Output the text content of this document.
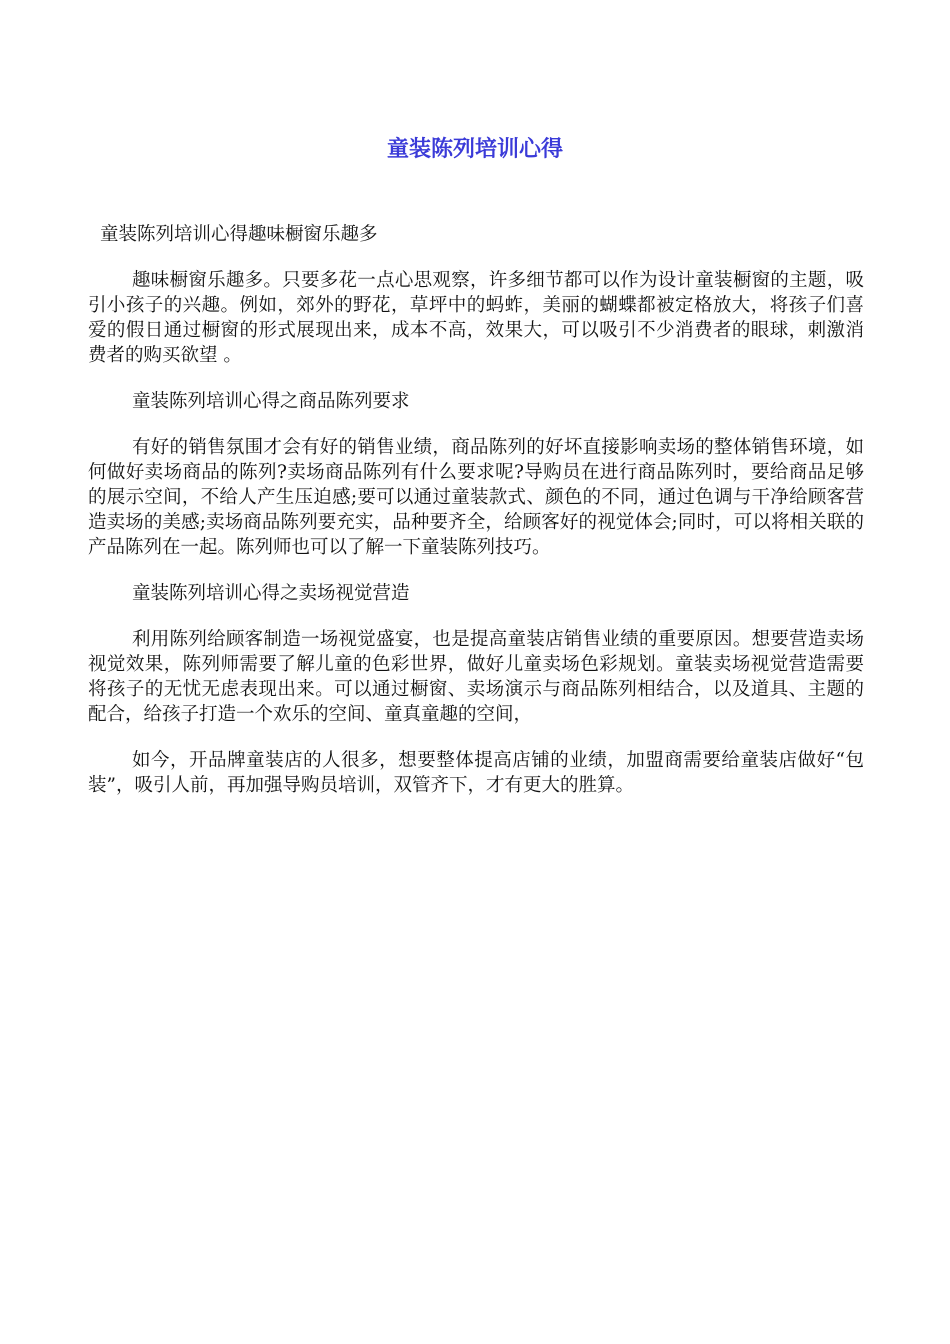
童装陈列培训心得

童装陈列培训心得趣味橱窗乐趣多

趣味橱窗乐趣多。只要多花一点心思观察，许多细节都可以作为设计童装橱窗的主题，吸引小孩子的兴趣。例如，郊外的野花，草坪中的蚂蚱，美丽的蝴蝶都被定格放大，将孩子们喜爱的假日通过橱窗的形式展现出来，成本不高，效果大，可以吸引不少消费者的眼球，刺激消费者的购买欲望 。

童装陈列培训心得之商品陈列要求

有好的销售氛围才会有好的销售业绩，商品陈列的好坏直接影响卖场的整体销售环境，如何做好卖场商品的陈列?卖场商品陈列有什么要求呢?导购员在进行商品陈列时，要给商品足够的展示空间，不给人产生压迫感;要可以通过童装款式、颜色的不同，通过色调与干净给顾客营造卖场的美感;卖场商品陈列要充实，品种要齐全，给顾客好的视觉体会;同时，可以将相关联的产品陈列在一起。陈列师也可以了解一下童装陈列技巧。

童装陈列培训心得之卖场视觉营造

利用陈列给顾客制造一场视觉盛宴，也是提高童装店销售业绩的重要原因。想要营造卖场视觉效果，陈列师需要了解儿童的色彩世界，做好儿童卖场色彩规划。童装卖场视觉营造需要将孩子的无忧无虑表现出来。可以通过橱窗、卖场演示与商品陈列相结合，以及道具、主题的配合，给孩子打造一个欢乐的空间、童真童趣的空间，

如今，开品牌童装店的人很多，想要整体提高店铺的业绩，加盟商需要给童装店做好“包装”，吸引人前，再加强导购员培训，双管齐下，才有更大的胜算。
